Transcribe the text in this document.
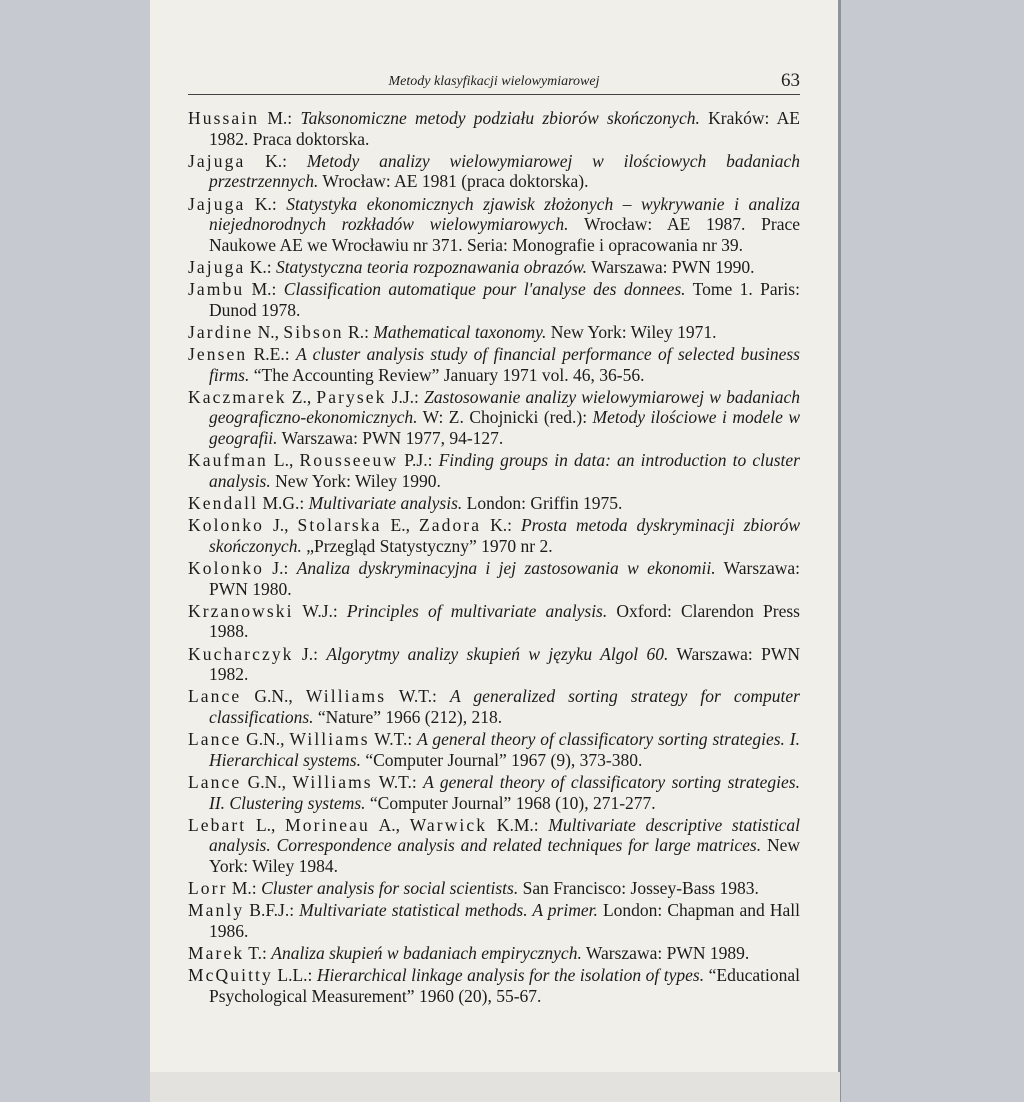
Metody klasyfikacji wielowymiarowej	63
Hussain M.: Taksonomiczne metody podziału zbiorów skończonych. Kraków: AE 1982. Praca doktorska.
Jajuga K.: Metody analizy wielowymiarowej w ilościowych badaniach przestrzennych. Wrocław: AE 1981 (praca doktorska).
Jajuga K.: Statystyka ekonomicznych zjawisk złożonych – wykrywanie i analiza niejednorodnych rozkładów wielowymiarowych. Wrocław: AE 1987. Prace Naukowe AE we Wrocławiu nr 371. Seria: Monografie i opracowania nr 39.
Jajuga K.: Statystyczna teoria rozpoznawania obrazów. Warszawa: PWN 1990.
Jambu M.: Classification automatique pour l'analyse des donnees. Tome 1. Paris: Dunod 1978.
Jardine N., Sibson R.: Mathematical taxonomy. New York: Wiley 1971.
Jensen R.E.: A cluster analysis study of financial performance of selected business firms. “The Accounting Review” January 1971 vol. 46, 36-56.
Kaczmarek Z., Parysek J.J.: Zastosowanie analizy wielowymiarowej w badaniach geograficzno-ekonomicznych. W: Z. Chojnicki (red.): Metody ilościowe i modele w geografii. Warszawa: PWN 1977, 94-127.
Kaufman L., Rousseeuw P.J.: Finding groups in data: an introduction to cluster analysis. New York: Wiley 1990.
Kendall M.G.: Multivariate analysis. London: Griffin 1975.
Kolonko J., Stolarska E., Zadora K.: Prosta metoda dyskryminacji zbiorów skończonych. „Przegląd Statystyczny” 1970 nr 2.
Kolonko J.: Analiza dyskryminacyjna i jej zastosowania w ekonomii. Warszawa: PWN 1980.
Krzanowski W.J.: Principles of multivariate analysis. Oxford: Clarendon Press 1988.
Kucharczyk J.: Algorytmy analizy skupień w języku Algol 60. Warszawa: PWN 1982.
Lance G.N., Williams W.T.: A generalized sorting strategy for computer classifications. “Nature” 1966 (212), 218.
Lance G.N., Williams W.T.: A general theory of classificatory sorting strategies. I. Hierarchical systems. “Computer Journal” 1967 (9), 373-380.
Lance G.N., Williams W.T.: A general theory of classificatory sorting strategies. II. Clustering systems. “Computer Journal” 1968 (10), 271-277.
Lebart L., Morineau A., Warwick K.M.: Multivariate descriptive statistical analysis. Correspondence analysis and related techniques for large matrices. New York: Wiley 1984.
Lorr M.: Cluster analysis for social scientists. San Francisco: Jossey-Bass 1983.
Manly B.F.J.: Multivariate statistical methods. A primer. London: Chapman and Hall 1986.
Marek T.: Analiza skupień w badaniach empirycznych. Warszawa: PWN 1989.
McQuitty L.L.: Hierarchical linkage analysis for the isolation of types. “Educational Psychological Measurement” 1960 (20), 55-67.
